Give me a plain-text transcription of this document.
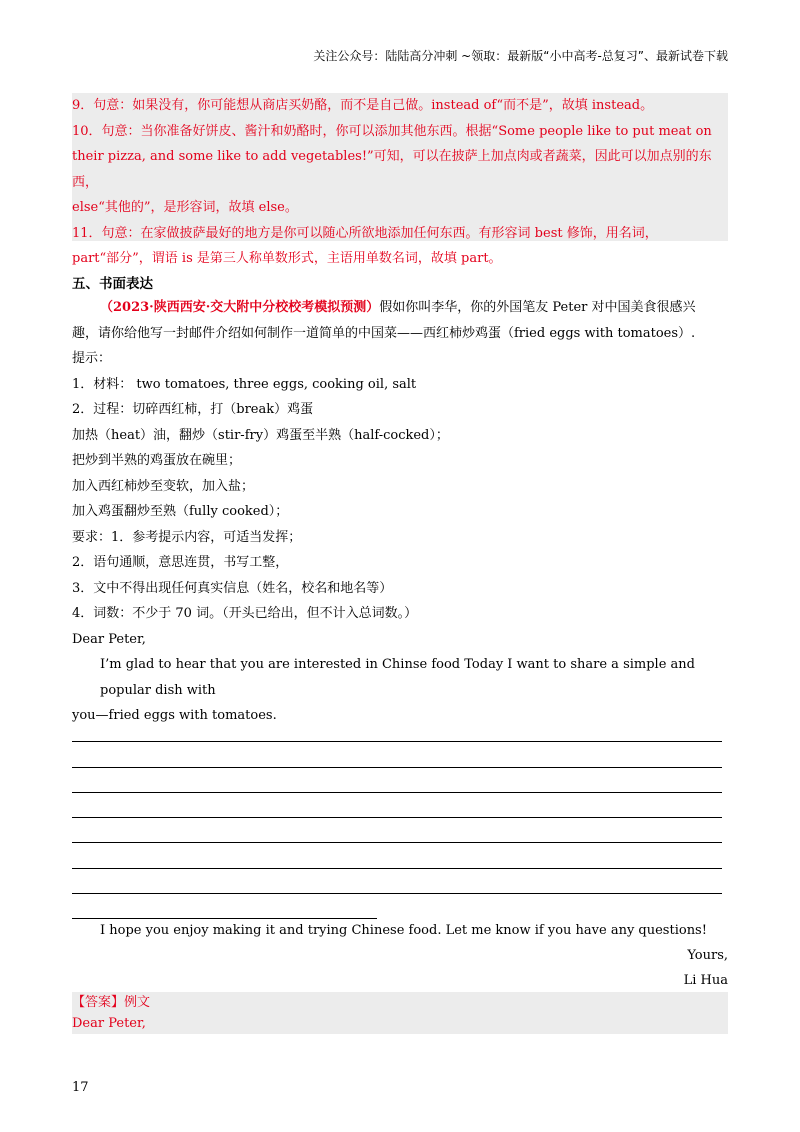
关注公众号：陆陆高分冲刺 ~领取：最新版“小中高考-总复习”、最新试卷下载

9．句意：如果没有，你可能想从商店买奶酪，而不是自己做。instead of“而不是”，故填 instead。

10．句意：当你准备好饼皮、酱汁和奶酪时，你可以添加其他东西。根据“Some people like to put meat on

their pizza, and some like to add vegetables!”可知，可以在披萨上加点肉或者蔬菜，因此可以加点别的东西，

else“其他的”，是形容词，故填 else。

11．句意：在家做披萨最好的地方是你可以随心所欲地添加任何东西。有形容词 best 修饰，用名词，

part“部分”，谓语 is 是第三人称单数形式，主语用单数名词，故填 part。

五、书面表达

（2023·陕西西安·交大附中分校校考模拟预测）假如你叫李华，你的外国笔友 Peter 对中国美食很感兴

趣，请你给他写一封邮件介绍如何制作一道简单的中国菜——西红柿炒鸡蛋（fried eggs with tomatoes）.

提示：

1．材料： two tomatoes, three eggs, cooking oil, salt

2．过程：切碎西红柿，打（break）鸡蛋

加热（heat）油，翻炒（stir-fry）鸡蛋至半熟（half-cocked）；

把炒到半熟的鸡蛋放在碗里；

加入西红柿炒至变软，加入盐；

加入鸡蛋翻炒至熟（fully cooked）；

要求：1．参考提示内容，可适当发挥；

2．语句通顺，意思连贯，书写工整，

3．文中不得出现任何真实信息（姓名，校名和地名等）

4．词数：不少于 70 词。（开头已给出，但不计入总词数。）

Dear Peter,

I’m glad to hear that you are interested in Chinse food Today I want to share a simple and popular dish with

you—fried eggs with tomatoes.

I hope you enjoy making it and trying Chinese food. Let me know if you have any questions!

Yours,

Li Hua

【答案】例文

Dear Peter,

17
